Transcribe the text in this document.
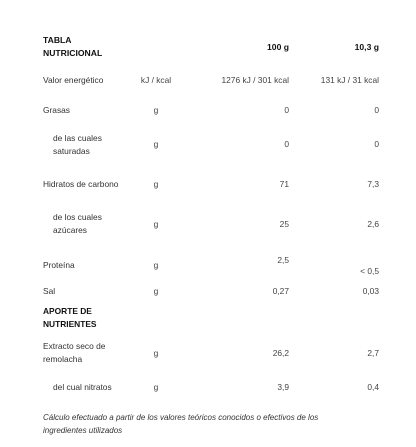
TABLA NUTRICIONAL		100 g	10,3 g
Valor energético	kJ / kcal	1276 kJ / 301 kcal	131 kJ / 31 kcal
Grasas	g	0	0
de las cuales saturadas	g	0	0
Hidratos de carbono	g	71	7,3
de los cuales azúcares	g	25	2,6
Proteína	g	2,5	< 0,5
Sal	g	0,27	0,03
APORTE DE NUTRIENTES			
Extracto seco de remolacha	g	26,2	2,7
del cual nitratos	g	3,9	0,4
Cálculo efectuado a partir de los valores teóricos conocidos o efectivos de los ingredientes utilizados
